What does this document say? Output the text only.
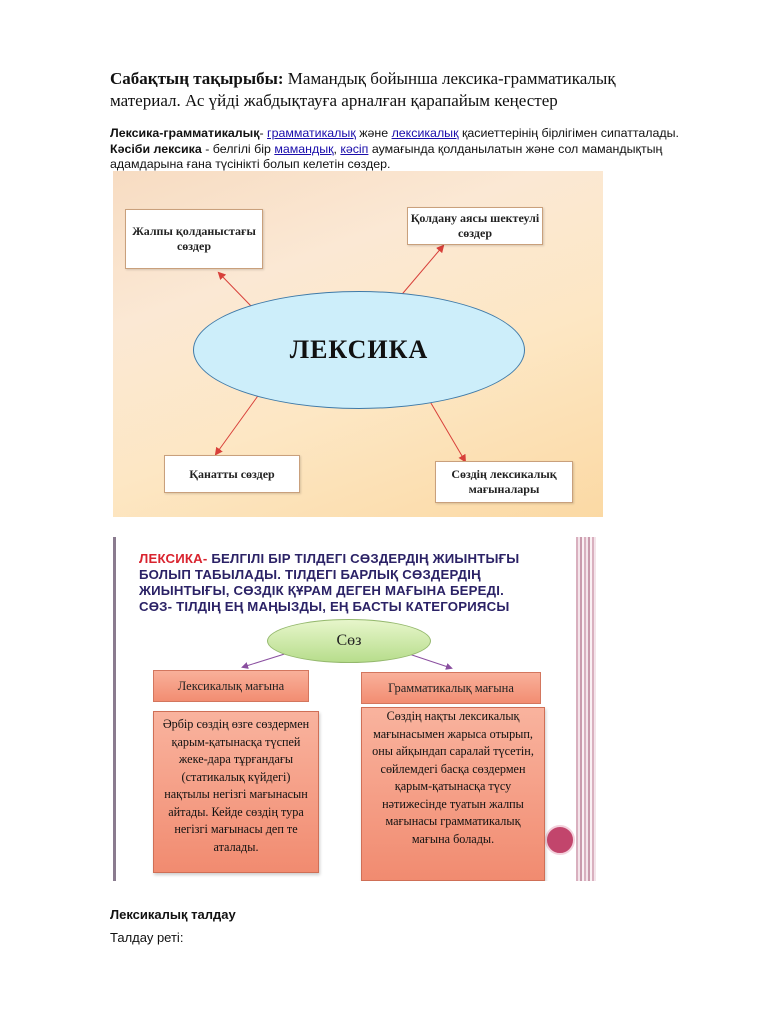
Сабақтың тақырыбы: Мамандық бойынша лексика-грамматикалық материал. Ас үйді жабдықтауға арналған қарапайым кеңестер
Лексика-грамматикалық- грамматикалық және лексикалық қасиеттерінің бірлігімен сипатталады. Кәсіби лексика - белгілі бір мамандық, кәсіп аумағында қолданылатын және сол мамандықтың адамдарына ғана түсінікті болып келетін сөздер.
Жалпы қолданыстағы сөздер
Қолдану аясы шектеулі сөздер
ЛЕКСИКА
Қанатты сөздер	Сөздің лексикалық мағыналары
ЛЕКСИКА- БЕЛГІЛІ БІР ТІЛДЕГІ СӨЗДЕРДІҢ ЖИЫНТЫҒЫ БОЛЫП ТАБЫЛАДЫ. ТІЛДЕГІ БАРЛЫҚ СӨЗДЕРДІҢ ЖИЫНТЫҒЫ, СӨЗДІК ҚҰРАМ ДЕГЕН МАҒЫНА БЕРЕДІ. СӨЗ- ТІЛДІҢ ЕҢ МАҢЫЗДЫ, ЕҢ БАСТЫ КАТЕГОРИЯСЫ
Сөз
Лексикалық мағына	Грамматикалық мағына
Әрбір сөздің өзге сөздермен қарым-қатынасқа түспей жеке-дара тұрғандағы (статикалық күйдегі) нақтылы негізгі мағынасын айтады. Кейде сөздің тура негізгі мағынасы деп те аталады.
Сөздің нақты лексикалық мағынасымен жарыса отырып, оны айқындап саралай түсетін, сөйлемдегі басқа сөздермен қарым-қатынасқа түсу нәтижесінде туатын жалпы мағынасы грамматикалық мағына болады.
Лексикалық талдау
Талдау реті:
